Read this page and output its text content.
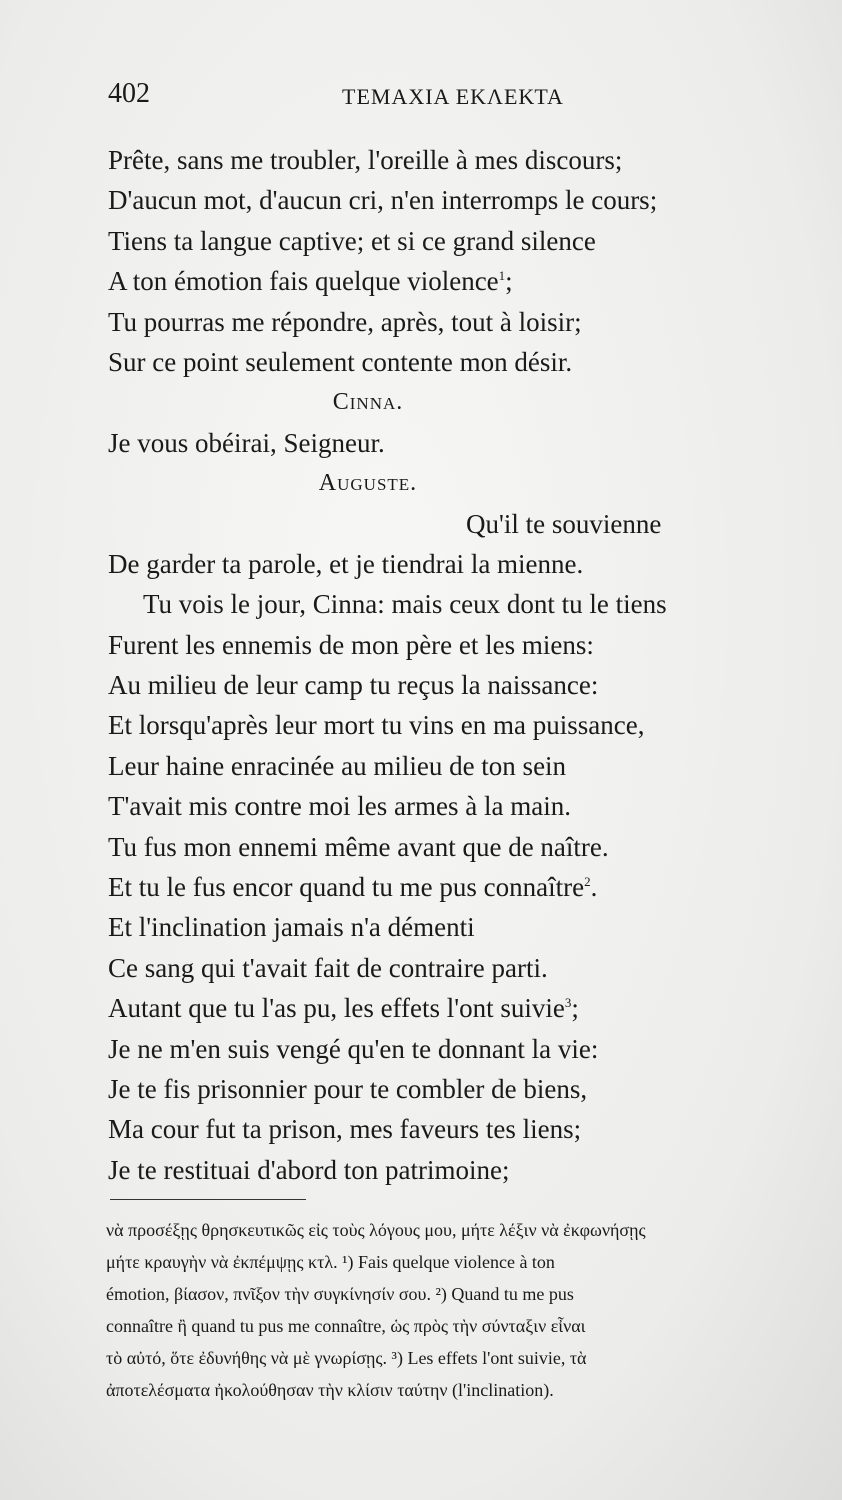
402	ΤΕΜΑΧΙΑ ΕΚΛΕΚΤΑ
Prête, sans me troubler, l'oreille à mes discours;
D'aucun mot, d'aucun cri, n'en interromps le cours;
Tiens ta langue captive; et si ce grand silence
A ton émotion fais quelque violence$^1$;
Tu pourras me répondre, après, tout à loisir;
Sur ce point seulement contente mon désir.
Cinna.
Je vous obéirai, Seigneur.
Auguste.
Qu'il te souvienne
De garder ta parole, et je tiendrai la mienne.
Tu vois le jour, Cinna: mais ceux dont tu le tiens
Furent les ennemis de mon père et les miens:
Au milieu de leur camp tu reçus la naissance:
Et lorsqu'après leur mort tu vins en ma puissance,
Leur haine enracinée au milieu de ton sein
T'avait mis contre moi les armes à la main.
Tu fus mon ennemi même avant que de naître.
Et tu le fus encor quand tu me pus connaître$^2$.
Et l'inclination jamais n'a démenti
Ce sang qui t'avait fait de contraire parti.
Autant que tu l'as pu, les effets l'ont suivie$^3$;
Je ne m'en suis vengé qu'en te donnant la vie:
Je te fis prisonnier pour te combler de biens,
Ma cour fut ta prison, mes faveurs tes liens;
Je te restituai d'abord ton patrimoine;
νὰ προσέξῃς θρησκευτικῶς εἰς τοὺς λόγους μου, μήτε λέξιν νὰ ἐκφωνήσῃς
μήτε κραυγὴν νὰ ἐκπέμψῃς κτλ. ¹) Fais quelque violence à ton
émotion, βίασον, πνῖξον τὴν συγκίνησίν σου. ²) Quand tu me pus
connaître ἢ quand tu pus me connaître, ὡς πρὸς τὴν σύνταξιν εἶναι
τὸ αὐτό, ὅτε ἐδυνήθης νὰ μὲ γνωρίσῃς. ³) Les effets l'ont suivie, τὰ
ἀποτελέσματα ἠκολούθησαν τὴν κλίσιν ταύτην (l'inclination).
